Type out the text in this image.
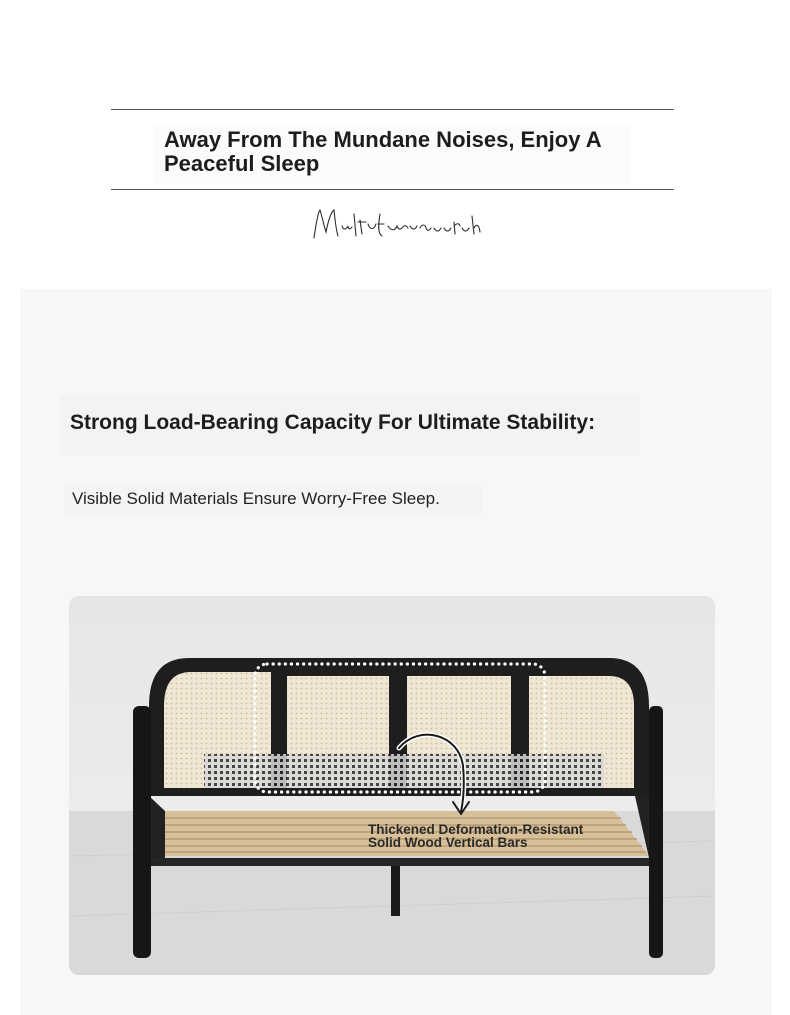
Away From The Mundane Noises, Enjoy A Peaceful Sleep
Multi-functional coat rack
Strong Load-Bearing Capacity For Ultimate Stability:

Visible Solid Materials Ensure Worry-Free Sleep.

Thickened Deformation-Resistant
Solid Wood Vertical Bars
